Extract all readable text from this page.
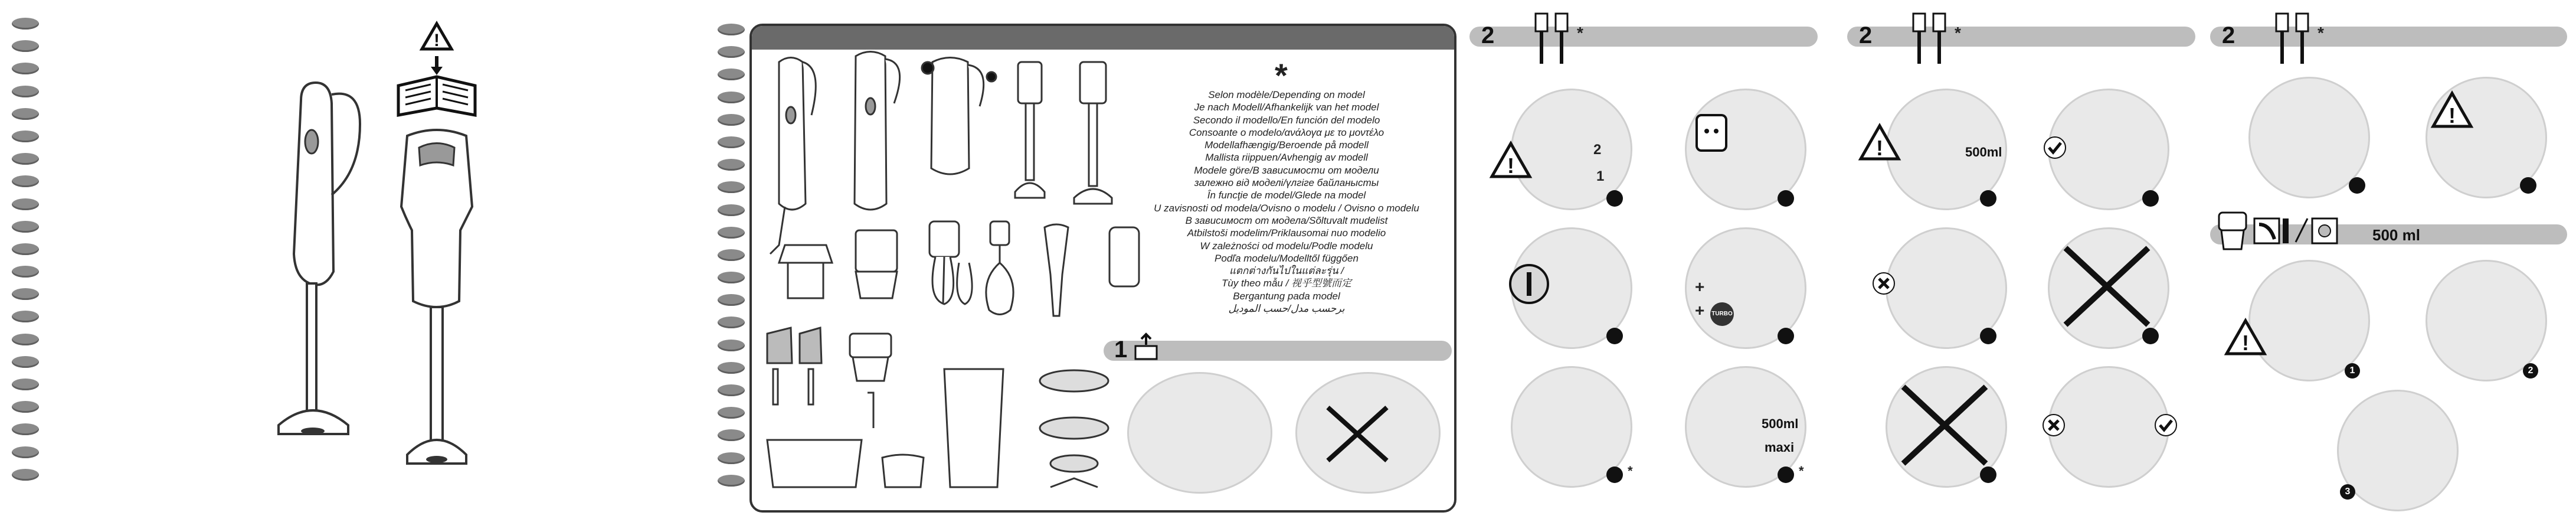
!
*
Selon modèle/Depending on model
Je nach Modell/Afhankelijk van het model
Secondo il modello/En función del modelo
Consoante o modelo/ανάλογα με το μοντέλο
Modellafhængig/Beroende på modell
Mallista riippuen/Avhengig av modell
Modele göre/В зависимости от модели
залежно від моделі/үлгіге байланысты
În funcţie de model/Glede na model
U zavisnosti od modela/Ovisno o modelu / Ovisno o modelu
В зависимост от модела/Sõltuvalt mudelist
Atbilstoši modelim/Priklausomai nuo modelio
W zależności od modelu/Podle modelu
Podľa modelu/Modelltől függően
แตกต่างกันไปในแต่ละรุ่น /
Tùy theo mẫu / 视乎型號而定
Bergantung pada model
برحسب مدل/حسب الموديل
1
2	*
!
2
1
+
+ TURBO
*
500ml
maxi
*
2	*
!	500ml
2	*
!
500 ml
!
1	2
3
